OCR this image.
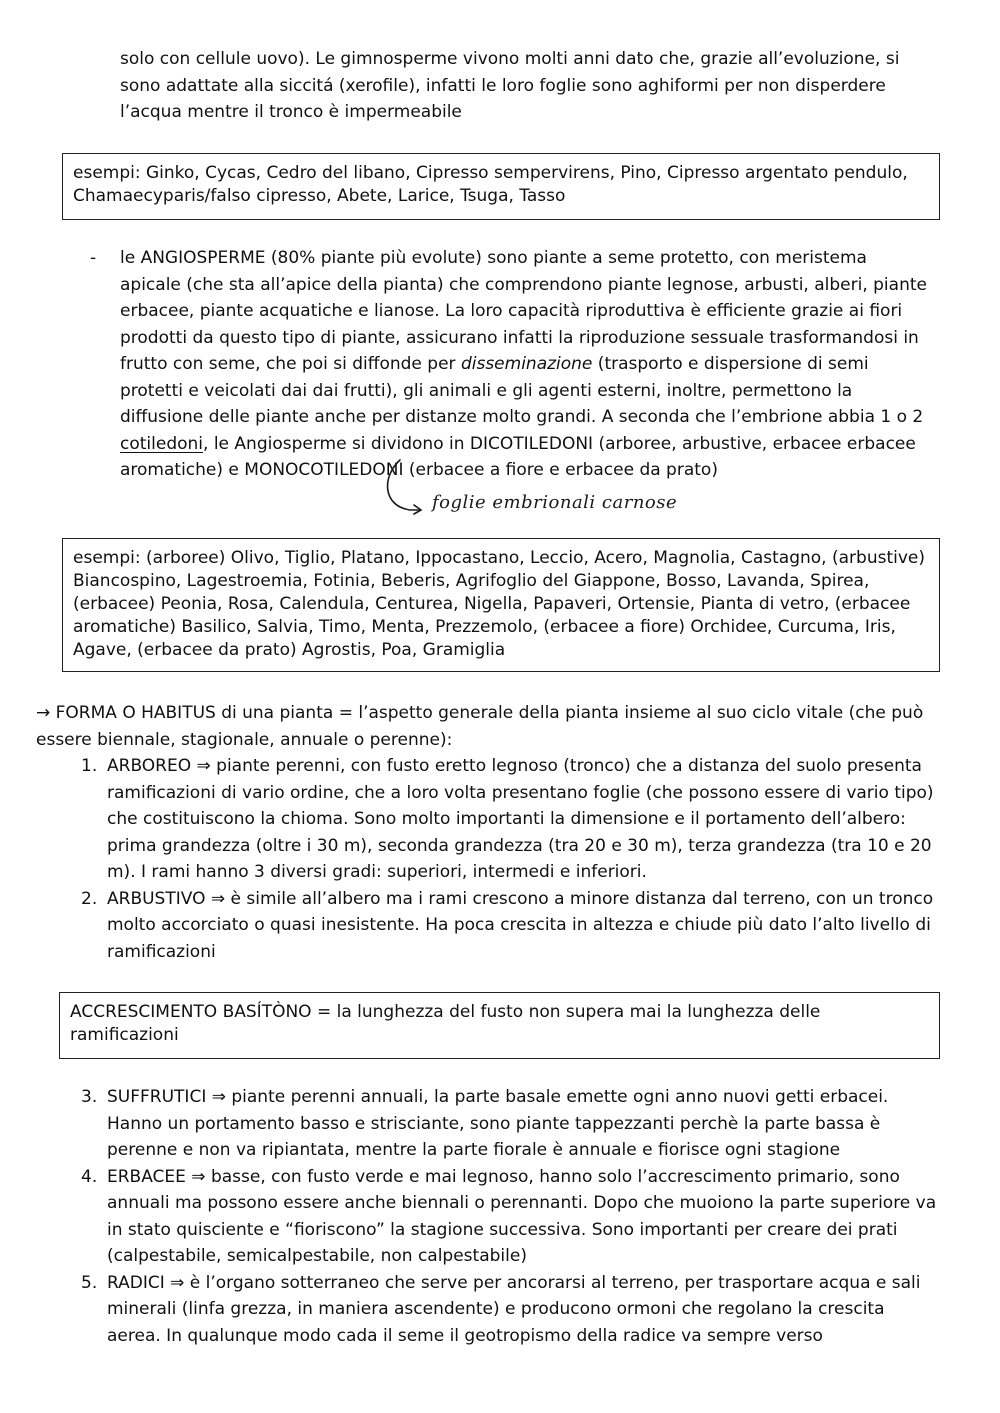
solo con cellule uovo). Le gimnosperme vivono molti anni dato che, grazie all’evoluzione, si sono adattate alla siccitá (xerofile), infatti le loro foglie sono aghiformi per non disperdere l’acqua mentre il tronco è impermeabile

esempi: Ginko, Cycas, Cedro del libano, Cipresso sempervirens, Pino, Cipresso argentato pendulo, Chamaecyparis/falso cipresso, Abete, Larice, Tsuga, Tasso
- le ANGIOSPERME (80% piante più evolute) sono piante a seme protetto, con meristema apicale (che sta all’apice della pianta) che comprendono piante legnose, arbusti, alberi, piante erbacee, piante acquatiche e lianose. La loro capacità riproduttiva è efficiente grazie ai fiori prodotti da questo tipo di piante, assicurano infatti la riproduzione sessuale trasformandosi in frutto con seme, che poi si diffonde per disseminazione (trasporto e dispersione di semi protetti e veicolati dai dai frutti), gli animali e gli agenti esterni, inoltre, permettono la diffusione delle piante anche per distanze molto grandi. A seconda che l’embrione abbia 1 o 2 cotiledoni, le Angiosperme si dividono in DICOTILEDONI (arboree, arbustive, erbacee erbacee aromatiche) e MONOCOTILEDONI (erbacee a fiore e erbacee da prato)

foglie embrionali carnose
esempi: (arboree) Olivo, Tiglio, Platano, Ippocastano, Leccio, Acero, Magnolia, Castagno, (arbustive) Biancospino, Lagestroemia, Fotinia, Beberis, Agrifoglio del Giappone, Bosso, Lavanda, Spirea, (erbacee) Peonia, Rosa, Calendula, Centurea, Nigella, Papaveri, Ortensie, Pianta di vetro, (erbacee aromatiche) Basilico, Salvia, Timo, Menta, Prezzemolo, (erbacee a fiore) Orchidee, Curcuma, Iris, Agave, (erbacee da prato) Agrostis, Poa, Gramiglia

→ FORMA O HABITUS di una pianta = l’aspetto generale della pianta insieme al suo ciclo vitale (che può essere biennale, stagionale, annuale o perenne):

1. ARBOREO ⇒ piante perenni, con fusto eretto legnoso (tronco) che a distanza del suolo presenta ramificazioni di vario ordine, che a loro volta presentano foglie (che possono essere di vario tipo) che costituiscono la chioma. Sono molto importanti la dimensione e il portamento dell’albero: prima grandezza (oltre i 30 m), seconda grandezza (tra 20 e 30 m), terza grandezza (tra 10 e 20 m). I rami hanno 3 diversi gradi: superiori, intermedi e inferiori.
2. ARBUSTIVO ⇒ è simile all’albero ma i rami crescono a minore distanza dal terreno, con un tronco molto accorciato o quasi inesistente. Ha poca crescita in altezza e chiude più dato l’alto livello di ramificazioni
ACCRESCIMENTO BASÍTÒNO = la lunghezza del fusto non supera mai la lunghezza delle ramificazioni
3. SUFFRUTICI ⇒ piante perenni annuali, la parte basale emette ogni anno nuovi getti erbacei. Hanno un portamento basso e strisciante, sono piante tappezzanti perchè la parte bassa è perenne e non va ripiantata, mentre la parte fiorale è annuale e fiorisce ogni stagione
4. ERBACEE ⇒ basse, con fusto verde e mai legnoso, hanno solo l’accrescimento primario, sono annuali ma possono essere anche biennali o perennanti. Dopo che muoiono la parte superiore va in stato quisciente e “fioriscono” la stagione successiva. Sono importanti per creare dei prati (calpestabile, semicalpestabile, non calpestabile)
5. RADICI ⇒ è l’organo sotterraneo che serve per ancorarsi al terreno, per trasportare acqua e sali minerali (linfa grezza, in maniera ascendente) e producono ormoni che regolano la crescita aerea. In qualunque modo cada il seme il geotropismo della radice va sempre verso
